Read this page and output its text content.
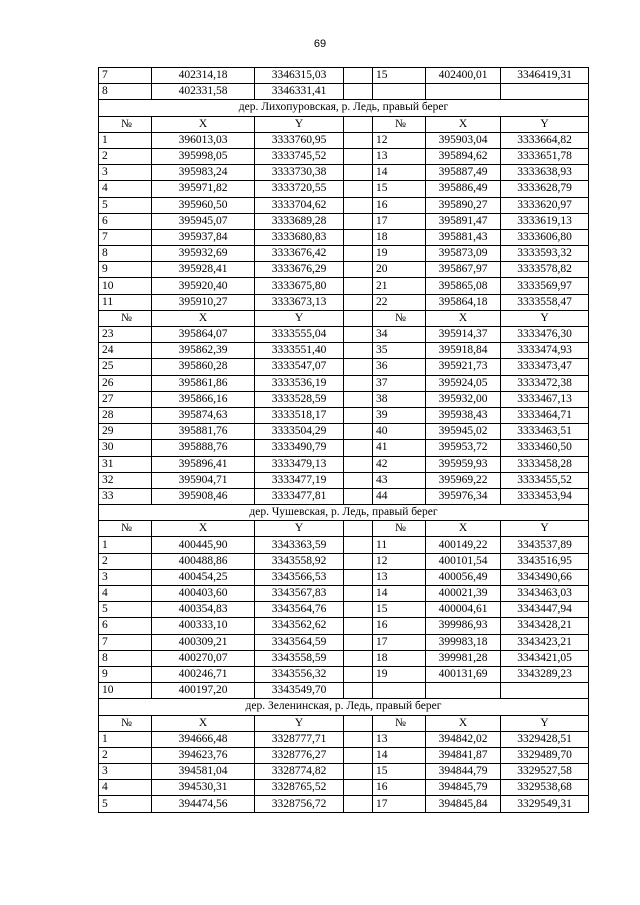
69
7	402314,18	3346315,03		15	402400,01	3346419,31
8	402331,58	3346331,41				
дер. Лихопуровская, р. Ледь, правый берег						
№	X	Y		№	X	Y
1	396013,03	3333760,95		12	395903,04	3333664,82
2	395998,05	3333745,52		13	395894,62	3333651,78
3	395983,24	3333730,38		14	395887,49	3333638,93
4	395971,82	3333720,55		15	395886,49	3333628,79
5	395960,50	3333704,62		16	395890,27	3333620,97
6	395945,07	3333689,28		17	395891,47	3333619,13
7	395937,84	3333680,83		18	395881,43	3333606,80
8	395932,69	3333676,42		19	395873,09	3333593,32
9	395928,41	3333676,29		20	395867,97	3333578,82
10	395920,40	3333675,80		21	395865,08	3333569,97
11	395910,27	3333673,13		22	395864,18	3333558,47
№	X	Y		№	X	Y
23	395864,07	3333555,04		34	395914,37	3333476,30
24	395862,39	3333551,40		35	395918,84	3333474,93
25	395860,28	3333547,07		36	395921,73	3333473,47
26	395861,86	3333536,19		37	395924,05	3333472,38
27	395866,16	3333528,59		38	395932,00	3333467,13
28	395874,63	3333518,17		39	395938,43	3333464,71
29	395881,76	3333504,29		40	395945,02	3333463,51
30	395888,76	3333490,79		41	395953,72	3333460,50
31	395896,41	3333479,13		42	395959,93	3333458,28
32	395904,71	3333477,19		43	395969,22	3333455,52
33	395908,46	3333477,81		44	395976,34	3333453,94
дер. Чушевская, р. Ледь, правый берег						
№	X	Y		№	X	Y
1	400445,90	3343363,59		11	400149,22	3343537,89
2	400488,86	3343558,92		12	400101,54	3343516,95
3	400454,25	3343566,53		13	400056,49	3343490,66
4	400403,60	3343567,83		14	400021,39	3343463,03
5	400354,83	3343564,76		15	400004,61	3343447,94
6	400333,10	3343562,62		16	399986,93	3343428,21
7	400309,21	3343564,59		17	399983,18	3343423,21
8	400270,07	3343558,59		18	399981,28	3343421,05
9	400246,71	3343556,32		19	400131,69	3343289,23
10	400197,20	3343549,70				
дер. Зеленинская, р. Ледь, правый берег						
№	X	Y		№	X	Y
1	394666,48	3328777,71		13	394842,02	3329428,51
2	394623,76	3328776,27		14	394841,87	3329489,70
3	394581,04	3328774,82		15	394844,79	3329527,58
4	394530,31	3328765,52		16	394845,79	3329538,68
5	394474,56	3328756,72		17	394845,84	3329549,31
